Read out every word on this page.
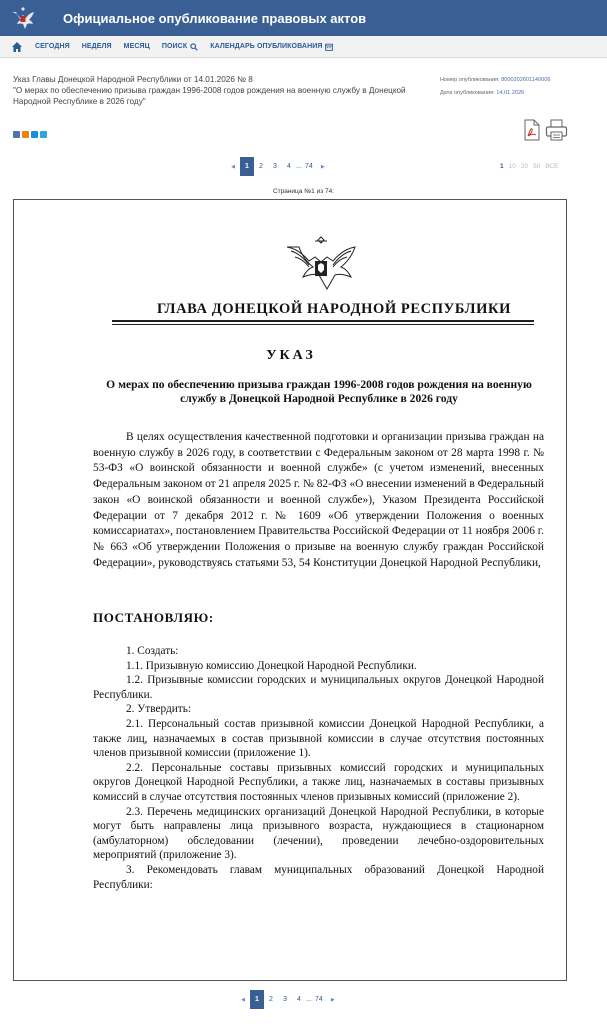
Официальное опубликование правовых актов
СЕГОДНЯ НЕДЕЛЯ МЕСЯЦ ПОИСК	КАЛЕНДАРЬ ОПУБЛИКОВАНИЯ
Указ Главы Донецкой Народной Республики от 14.01.2026 № 8
"О мерах по обеспечению призыва граждан 1996-2008 годов рождения на военную службу в Донецкой Народной Республике в 2026 году"
Номер опубликования: 8000202601140006
Дата опубликования: 14.01.2026
◀	1	2	3	4 ... 74	▶	1 10 20 50 ВСЕ
Страница №1 из 74:
ГЛАВА ДОНЕЦКОЙ НАРОДНОЙ РЕСПУБЛИКИ
УКАЗ
О мерах по обеспечению призыва граждан 1996-2008 годов рождения на военную службу в Донецкой Народной Республике в 2026 году
В целях осуществления качественной подготовки и организации призыва граждан на военную службу в 2026 году, в соответствии с Федеральным законом от 28 марта 1998 г. № 53-ФЗ «О воинской обязанности и военной службе» (с учетом изменений, внесенных Федеральным законом от 21 апреля 2025 г. № 82-ФЗ «О внесении изменений в Федеральный закон «О воинской обязанности и военной службе»), Указом Президента Российской Федерации от 7 декабря 2012 г. № 1609 «Об утверждении Положения о военных комиссариатах», постановлением Правительства Российской Федерации от 11 ноября 2006 г. № 663 «Об утверждении Положения о призыве на военную службу граждан Российской Федерации», руководствуясь статьями 53, 54 Конституции Донецкой Народной Республики,
ПОСТАНОВЛЯЮ:
1. Создать:
1.1. Призывную комиссию Донецкой Народной Республики.
1.2. Призывные комиссии городских и муниципальных округов Донецкой Народной Республики.
2. Утвердить:
2.1. Персональный состав призывной комиссии Донецкой Народной Республики, а также лиц, назначаемых в состав призывной комиссии в случае отсутствия постоянных членов призывной комиссии (приложение 1).
2.2. Персональные составы призывных комиссий городских и муниципальных округов Донецкой Народной Республики, а также лиц, назначаемых в составы призывных комиссий в случае отсутствия постоянных членов призывных комиссий (приложение 2).
2.3. Перечень медицинских организаций Донецкой Народной Республики, в которые могут быть направлены лица призывного возраста, нуждающиеся в стационарном (амбулаторном) обследовании (лечении), проведении лечебно-оздоровительных мероприятий (приложение 3).
3. Рекомендовать главам муниципальных образований Донецкой Народной Республики:
◀	1	2	3	4 ... 74	▶
